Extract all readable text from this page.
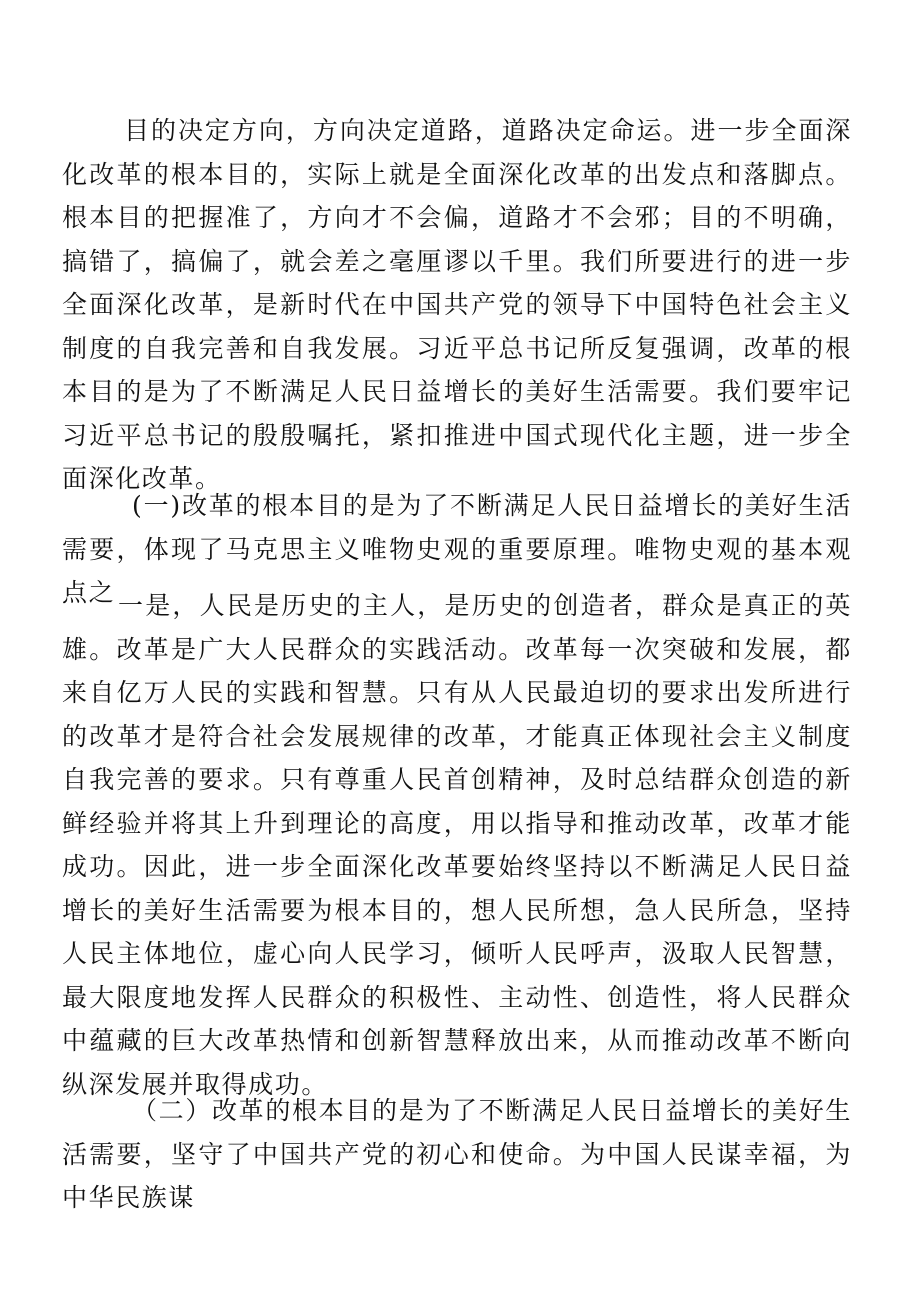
目的决定方向，方向决定道路，道路决定命运。进一步全面深化改革的根本目的，实际上就是全面深化改革的出发点和落脚点。根本目的把握准了，方向才不会偏，道路才不会邪；目的不明确，搞错了，搞偏了，就会差之毫厘谬以千里。我们所要进行的进一步全面深化改革，是新时代在中国共产党的领导下中国特色社会主义制度的自我完善和自我发展。习近平总书记所反复强调，改革的根本目的是为了不断满足人民日益增长的美好生活需要。我们要牢记习近平总书记的殷殷嘱托，紧扣推进中国式现代化主题，进一步全面深化改革。

(一)改革的根本目的是为了不断满足人民日益增长的美好生活需要，体现了马克思主义唯物史观的重要原理。唯物史观的基本观点之 一是，人民是历史的主人，是历史的创造者，群众是真正的英雄。改革是广大人民群众的实践活动。改革每一次突破和发展，都来自亿万人民的实践和智慧。只有从人民最迫切的要求出发所进行的改革才是符合社会发展规律的改革，才能真正体现社会主义制度自我完善的要求。只有尊重人民首创精神，及时总结群众创造的新鲜经验并将其上升到理论的高度，用以指导和推动改革，改革才能成功。因此，进一步全面深化改革要始终坚持以不断满足人民日益增长的美好生活需要为根本目的，想人民所想，急人民所急，坚持人民主体地位，虚心向人民学习，倾听人民呼声，汲取人民智慧，最大限度地发挥人民群众的积极性、主动性、创造性，将人民群众中蕴藏的巨大改革热情和创新智慧释放出来，从而推动改革不断向纵深发展并取得成功。

（二）改革的根本目的是为了不断满足人民日益增长的美好生活需要，坚守了中国共产党的初心和使命。为中国人民谋幸福，为中华民族谋
